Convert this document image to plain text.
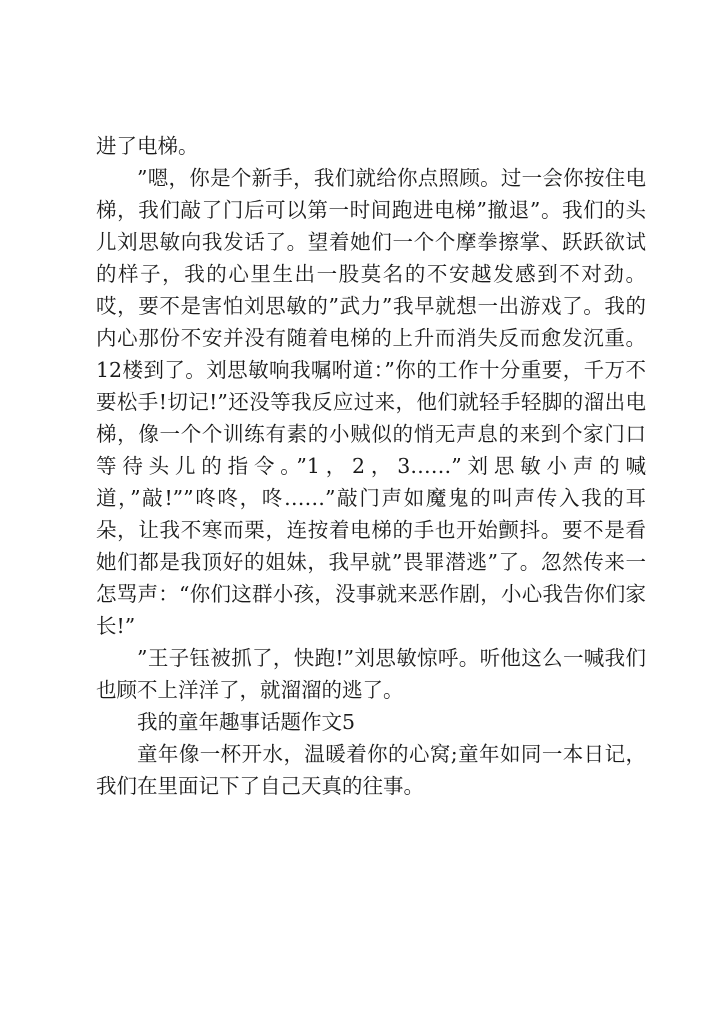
进了电梯。

”嗯，你是个新手，我们就给你点照顾。过一会你按住电梯，我们敲了门后可以第一时间跑进电梯”撤退”。我们的头儿刘思敏向我发话了。望着她们一个个摩拳擦掌、跃跃欲试的样子，我的心里生出一股莫名的不安越发感到不对劲。哎，要不是害怕刘思敏的”武力”我早就想一出游戏了。我的内心那份不安并没有随着电梯的上升而消失反而愈发沉重。12楼到了。刘思敏响我嘱咐道：”你的工作十分重要，千万不要松手!切记!”还没等我反应过来，他们就轻手轻脚的溜出电梯，像一个个训练有素的小贼似的悄无声息的来到个家门口等待头儿的指令。”1，2，3……”刘思敏小声的喊道，”敲!””咚咚，咚……”敲门声如魔鬼的叫声传入我的耳朵，让我不寒而栗，连按着电梯的手也开始颤抖。要不是看她们都是我顶好的姐妹，我早就”畏罪潜逃”了。忽然传来一怎骂声：“你们这群小孩，没事就来恶作剧，小心我告你们家长!”

”王子钰被抓了，快跑!”刘思敏惊呼。听他这么一喊我们也顾不上洋洋了，就溜溜的逃了。

我的童年趣事话题作文5

童年像一杯开水，温暖着你的心窝;童年如同一本日记，我们在里面记下了自己天真的往事。
